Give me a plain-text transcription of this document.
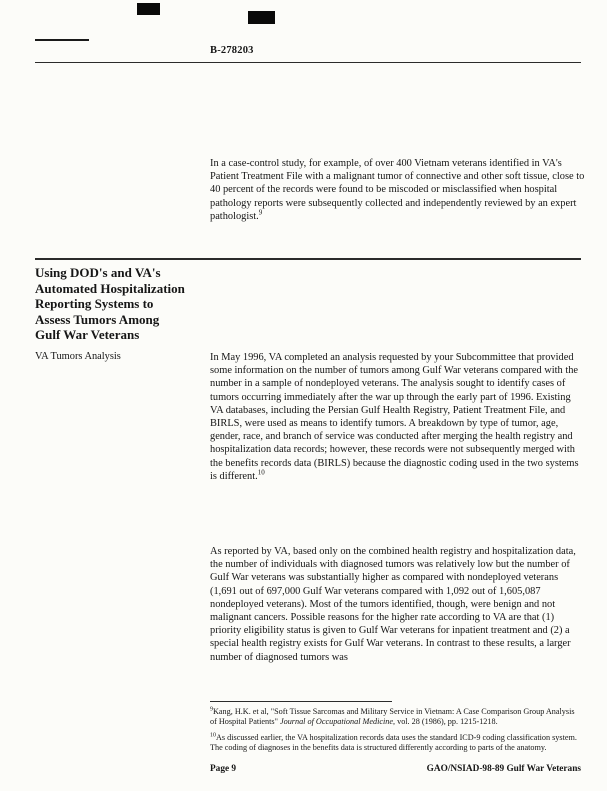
B-278203

In a case-control study, for example, of over 400 Vietnam veterans identified in VA's Patient Treatment File with a malignant tumor of connective and other soft tissue, close to 40 percent of the records were found to be miscoded or misclassified when hospital pathology reports were subsequently collected and independently reviewed by an expert pathologist.$^9$

Using DOD's and VA's
Automated Hospitalization
Reporting Systems to
Assess Tumors Among
Gulf War Veterans
VA Tumors Analysis	In May 1996, VA completed an analysis requested by your Subcommittee that provided some information on the number of tumors among Gulf War veterans compared with the number in a sample of nondeployed veterans. The analysis sought to identify cases of tumors occurring immediately after the war up through the early part of 1996. Existing VA databases, including the Persian Gulf Health Registry, Patient Treatment File, and BIRLS, were used as means to identify tumors. A breakdown by type of tumor, age, gender, race, and branch of service was conducted after merging the health registry and hospitalization data records; however, these records were not subsequently merged with the benefits records data (BIRLS) because the diagnostic coding used in the two systems is different.$^{10}$

As reported by VA, based only on the combined health registry and hospitalization data, the number of individuals with diagnosed tumors was relatively low but the number of Gulf War veterans was substantially higher as compared with nondeployed veterans (1,691 out of 697,000 Gulf War veterans compared with 1,092 out of 1,605,087 nondeployed veterans). Most of the tumors identified, though, were benign and not malignant cancers. Possible reasons for the higher rate according to VA are that (1) priority eligibility status is given to Gulf War veterans for inpatient treatment and (2) a special health registry exists for Gulf War veterans. In contrast to these results, a larger number of diagnosed tumors was

$^9$Kang, H.K. et al, "Soft Tissue Sarcomas and Military Service in Vietnam: A Case Comparison Group Analysis of Hospital Patients" Journal of Occupational Medicine, vol. 28 (1986), pp. 1215-1218.
$^{10}$As discussed earlier, the VA hospitalization records data uses the standard ICD-9 coding classification system. The coding of diagnoses in the benefits data is structured differently according to parts of the anatomy.
Page 9	GAO/NSIAD-98-89 Gulf War Veterans
